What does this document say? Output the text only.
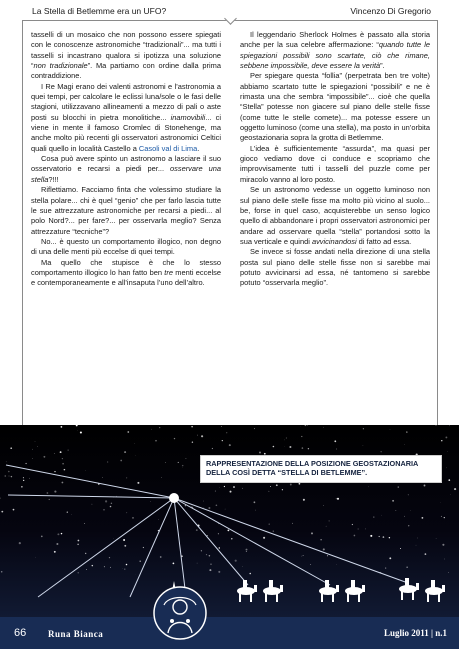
La Stella di Betlemme era un UFO?	Vincenzo Di Gregorio

tasselli di un mosaico che non possono essere spiegati con le conoscenze astronomiche “tradizionali”... ma tutti i tasselli si incastrano qualora si ipotizza una soluzione “non tradizionale”. Ma partiamo con ordine dalla prima contraddizione.

I Re Magi erano dei valenti astronomi e l’astronomia a quei tempi, per calcolare le eclissi luna/sole o le fasi delle stagioni, utilizzavano allineamenti a mezzo di pali o aste posti su blocchi in pietra monolitiche... inamovibili... ci viene in mente il famoso Cromlec di Stonehenge, ma anche molto più recenti gli osservatori astronomici Celtici quali quello in località Castello a Casoli val di Lima.

Cosa può avere spinto un astronomo a lasciare il suo osservatorio e recarsi a piedi per... osservare una stella?!!!

Riflettiamo. Facciamo finta che volessimo studiare la stella polare... chi è quel “genio” che per farlo lascia tutte le sue attrezzature astronomiche per recarsi a piedi... al polo Nord?... per fare?... per osservarla meglio? Senza attrezzature “tecniche”?

No... è questo un comportamento illogico, non degno di una delle menti più eccelse di quei tempi.

Ma quello che stupisce è che lo stesso comportamento illogico lo han fatto ben tre menti eccelse e contemporaneamente e all’insaputa l’uno dell’altro.

Il leggendario Sherlock Holmes è passato alla storia anche per la sua celebre affermazione: “quando tutte le spiegazioni possibili sono scartate, ciò che rimane, sebbene impossibile, deve essere la verità”.

Per spiegare questa “follia” (perpetrata ben tre volte) abbiamo scartato tutte le spiegazioni “possibili” e ne è rimasta una che sembra “impossibile”... cioè che quella “Stella” potesse non giacere sul piano delle stelle fisse (come tutte le stelle comete)... ma potesse essere un oggetto luminoso (come una stella), ma posto in un’orbita geostazionaria sopra la grotta di Betlemme.

L’idea è sufficientemente “assurda”, ma quasi per gioco vediamo dove ci conduce e scopriamo che improvvisamente tutti i tasselli del puzzle come per miracolo vanno al loro posto.

Se un astronomo vedesse un oggetto luminoso non sul piano delle stelle fisse ma molto più vicino al suolo... be, forse in quel caso, acquisterebbe un senso logico quello di abbandonare i propri osservatori astronomici per andare ad osservare quella “stella” portandosi sotto la sua verticale e quindi avvicinandosi di fatto ad essa.

Se invece si fosse andati nella direzione di una stella posta sul piano delle stelle fisse non si sarebbe mai potuto avvicinarsi ad essa, né tantomeno si sarebbe potuto “osservarla meglio”.

RAPPRESENTAZIONE DELLA POSIZIONE GEOSTAZIONARIA DELLA COSÌ DETTA “STELLA DI BETLEMME”.
66 Runa Bianca	Luglio 2011 | n.1
